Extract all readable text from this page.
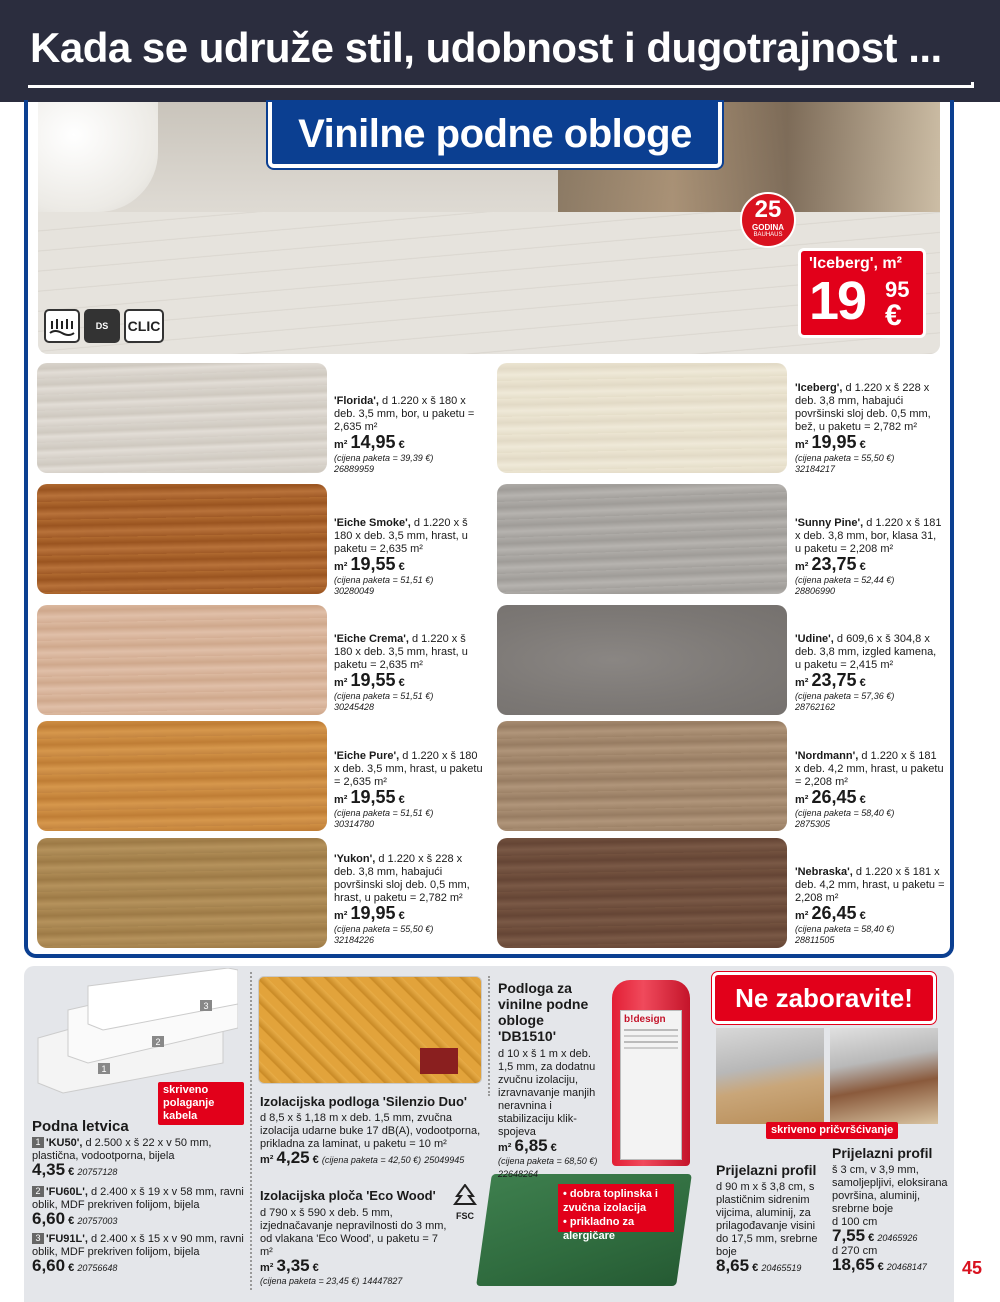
Kada se udruže stil, udobnost i dugotrajnost ...
Vinilne podne obloge
25
GODINA
BAUHAUS
'Iceberg', m²
19 95
€
DS	CLIC
'Florida', d 1.220 x š 180 x deb. 3,5 mm, bor, u paketu = 2,635 m²
m² 14,95 €
(cijena paketa = 39,39 €)
26889959
'Eiche Smoke', d 1.220 x š 180 x deb. 3,5 mm, hrast, u paketu = 2,635 m²
m² 19,55 €
(cijena paketa = 51,51 €)
30280049
'Eiche Crema', d 1.220 x š 180 x deb. 3,5 mm, hrast, u paketu = 2,635 m²
m² 19,55 €
(cijena paketa = 51,51 €)
30245428
'Eiche Pure', d 1.220 x š 180 x deb. 3,5 mm, hrast, u paketu = 2,635 m²
m² 19,55 €
(cijena paketa = 51,51 €)
30314780
'Yukon', d 1.220 x š 228 x deb. 3,8 mm, habajući površinski sloj deb. 0,5 mm, hrast, u paketu = 2,782 m²
m² 19,95 €
(cijena paketa = 55,50 €)
32184226
'Iceberg', d 1.220 x š 228 x deb. 3,8 mm, habajući površinski sloj deb. 0,5 mm, bež, u paketu = 2,782 m²
m² 19,95 €
(cijena paketa = 55,50 €)
32184217
'Sunny Pine', d 1.220 x š 181 x deb. 3,8 mm, bor, klasa 31, u paketu = 2,208 m²
m² 23,75 €
(cijena paketa = 52,44 €)
28806990
'Udine', d 609,6 x š 304,8 x deb. 3,8 mm, izgled kamena, u paketu = 2,415 m²
m² 23,75 €
(cijena paketa = 57,36 €)
28762162
'Nordmann', d 1.220 x š 181 x deb. 4,2 mm, hrast, u paketu = 2,208 m²
m² 26,45 €
(cijena paketa = 58,40 €)
2875305
'Nebraska', d 1.220 x š 181 x deb. 4,2 mm, hrast, u paketu = 2,208 m²
m² 26,45 €
(cijena paketa = 58,40 €)
28811505
1
2
3
skriveno polaganje kabela
Podna letvica
1 'KU50', d 2.500 x š 22 x v 50 mm, plastična, vodootporna, bijela
4,35 € 20757128
2 'FU60L', d 2.400 x š 19 x v 58 mm, ravni oblik, MDF prekriven folijom, bijela
6,60 € 20757003
3 'FU91L', d 2.400 x š 15 x v 90 mm, ravni oblik, MDF prekriven folijom, bijela
6,60 € 20756648
Izolacijska podloga 'Silenzio Duo'
d 8,5 x š 1,18 m x deb. 1,5 mm, zvučna izolacija udarne buke 17 dB(A), vodootporna, prikladna za laminat, u paketu = 10 m²
m² 4,25 € (cijena paketa = 42,50 €) 25049945
Izolacijska ploča 'Eco Wood'
FSC
d 790 x š 590 x deb. 5 mm, izjednačavanje nepravilnosti do 3 mm, od vlakana 'Eco Wood', u paketu = 7 m²
m² 3,35 €
(cijena paketa = 23,45 €) 14447827
• dobra toplinska i zvučna izolacija
• prikladno za alergičare
Podloga za vinilne podne obloge 'DB1510'
d 10 x š 1 m x deb. 1,5 mm, za dodatnu zvučnu izolaciju, izravnavanje manjih neravnina i stabilizaciju klik-spojeva
m² 6,85 €
(cijena paketa = 68,50 €) 22648264
b!design
Ne zaboravite!
skriveno pričvršćivanje
Prijelazni profil
d 90 m x š 3,8 cm, s plastičnim sidrenim vijcima, aluminij, za prilagođavanje visini do 17,5 mm, srebrne boje
8,65 € 20465519
Prijelazni profil
š 3 cm, v 3,9 mm, samoljepljivi, eloksirana površina, aluminij, srebrne boje
d 100 cm
7,55 € 20465926
d 270 cm
18,65 € 20468147	45
